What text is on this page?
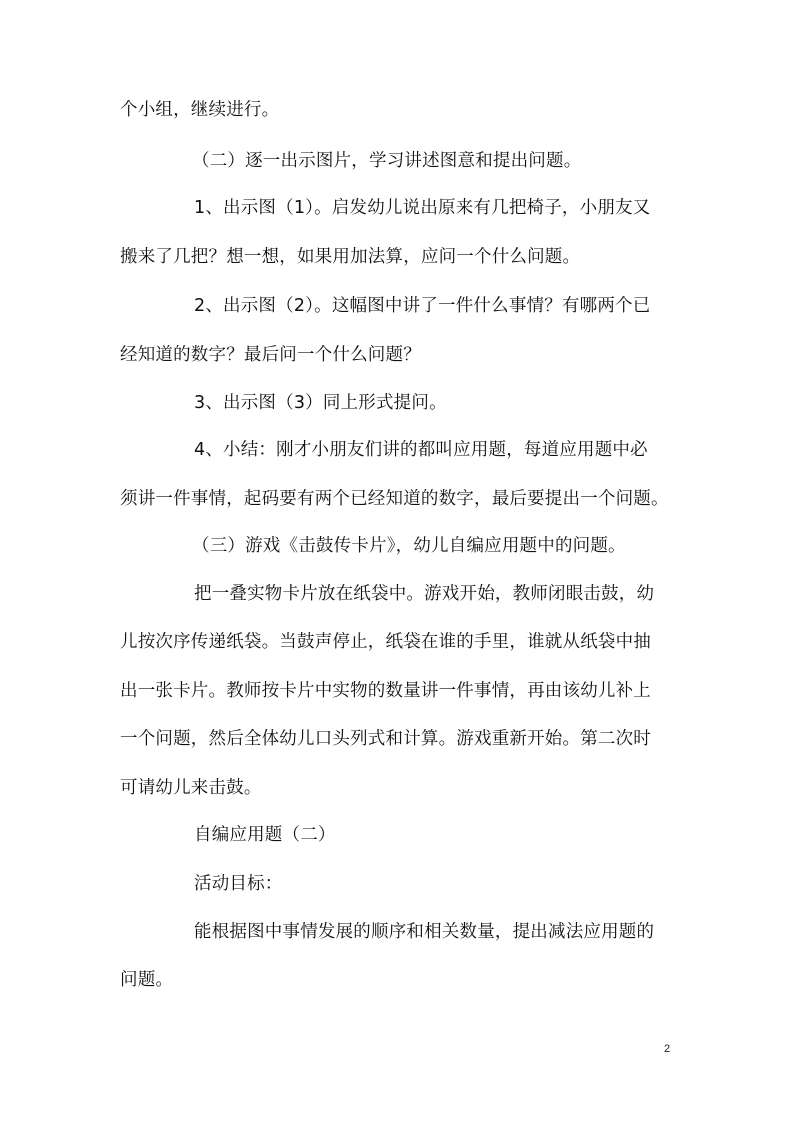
个小组，继续进行。
（二）逐一出示图片，学习讲述图意和提出问题。
1、出示图（1）。启发幼儿说出原来有几把椅子，小朋友又
搬来了几把？想一想，如果用加法算，应问一个什么问题。
2、出示图（2）。这幅图中讲了一件什么事情？有哪两个已
经知道的数字？最后问一个什么问题？
3、出示图（3）同上形式提问。
4、小结：刚才小朋友们讲的都叫应用题，每道应用题中必
须讲一件事情，起码要有两个已经知道的数字，最后要提出一个问题。
（三）游戏《击鼓传卡片》，幼儿自编应用题中的问题。
把一叠实物卡片放在纸袋中。游戏开始，教师闭眼击鼓，幼
儿按次序传递纸袋。当鼓声停止，纸袋在谁的手里，谁就从纸袋中抽
出一张卡片。教师按卡片中实物的数量讲一件事情，再由该幼儿补上
一个问题，然后全体幼儿口头列式和计算。游戏重新开始。第二次时
可请幼儿来击鼓。
自编应用题（二）
活动目标：
能根据图中事情发展的顺序和相关数量，提出减法应用题的
问题。
2
